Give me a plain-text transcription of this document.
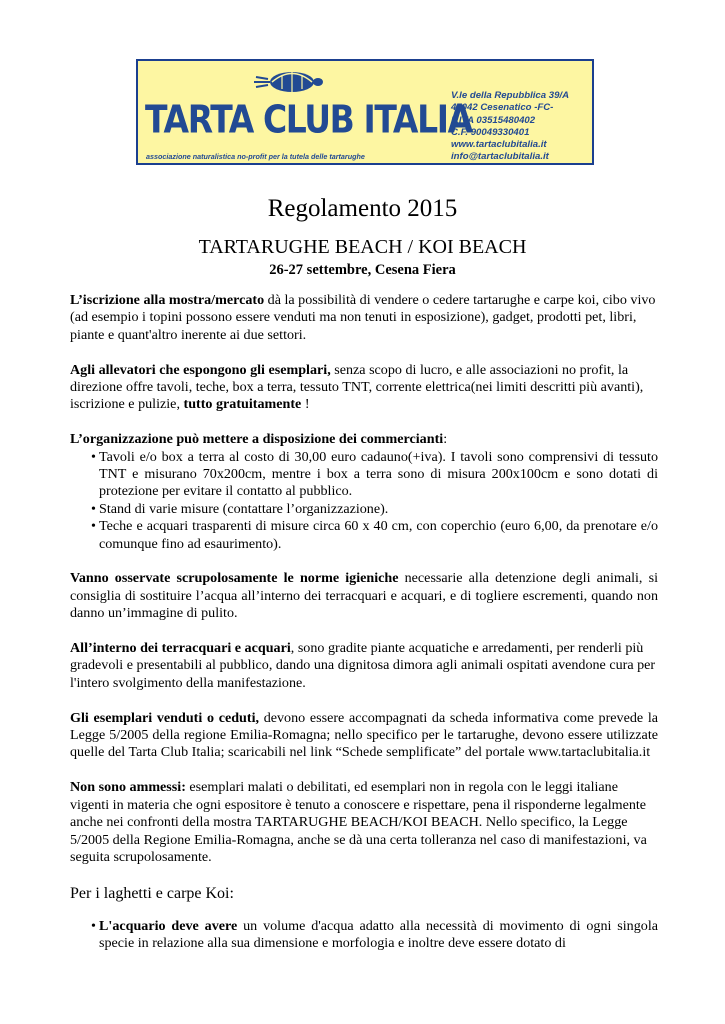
TARTA CLUB ITALIA
associazione naturalistica no-profit per la tutela delle tartarughe
V.le della Repubblica 39/A
47042 Cesenatico -FC-
P.IVA 03515480402
C.F. 90049330401
www.tartaclubitalia.it
info@tartaclubitalia.it
Regolamento 2015
TARTARUGHE BEACH / KOI BEACH
26-27 settembre, Cesena Fiera

L’iscrizione alla mostra/mercato dà la possibilità di vendere o cedere tartarughe e carpe koi, cibo vivo (ad esempio i topini possono essere venduti ma non tenuti in esposizione), gadget, prodotti pet, libri, piante e quant'altro inerente ai due settori.

Agli allevatori che espongono gli esemplari, senza scopo di lucro, e alle associazioni no profit, la direzione offre tavoli, teche, box a terra, tessuto TNT, corrente elettrica(nei limiti descritti più avanti), iscrizione e pulizie, tutto gratuitamente !

L’organizzazione può mettere a disposizione dei commercianti:

• Tavoli e/o box a terra al costo di 30,00 euro cadauno(+iva). I tavoli sono comprensivi di tessuto TNT e misurano 70x200cm, mentre i box a terra sono di misura 200x100cm e sono dotati di protezione per evitare il contatto al pubblico.
• Stand di varie misure (contattare l’organizzazione).
• Teche e acquari trasparenti di misure circa 60 x 40 cm, con coperchio (euro 6,00, da prenotare e/o comunque fino ad esaurimento).

Vanno osservate scrupolosamente le norme igieniche necessarie alla detenzione degli animali, si consiglia di sostituire l’acqua all’interno dei terracquari e acquari, e di togliere escrementi, quando non danno un’immagine di pulito.

All’interno dei terracquari e acquari, sono gradite piante acquatiche e arredamenti, per renderli più gradevoli e presentabili al pubblico, dando una dignitosa dimora agli animali ospitati avendone cura per l'intero svolgimento della manifestazione.

Gli esemplari venduti o ceduti, devono essere accompagnati da scheda informativa come prevede la Legge 5/2005 della regione Emilia-Romagna; nello specifico per le tartarughe, devono essere utilizzate quelle del Tarta Club Italia; scaricabili nel link “Schede semplificate” del portale www.tartaclubitalia.it

Non sono ammessi: esemplari malati o debilitati, ed esemplari non in regola con le leggi italiane vigenti in materia che ogni espositore è tenuto a conoscere e rispettare, pena il risponderne legalmente anche nei confronti della mostra TARTARUGHE BEACH/KOI BEACH. Nello specifico, la Legge 5/2005 della Regione Emilia-Romagna, anche se dà una certa tolleranza nel caso di manifestazioni, va seguita scrupolosamente.

Per i laghetti e carpe Koi:
• L'acquario deve avere un volume d'acqua adatto alla necessità di movimento di ogni singola specie in relazione alla sua dimensione e morfologia e inoltre deve essere dotato di
